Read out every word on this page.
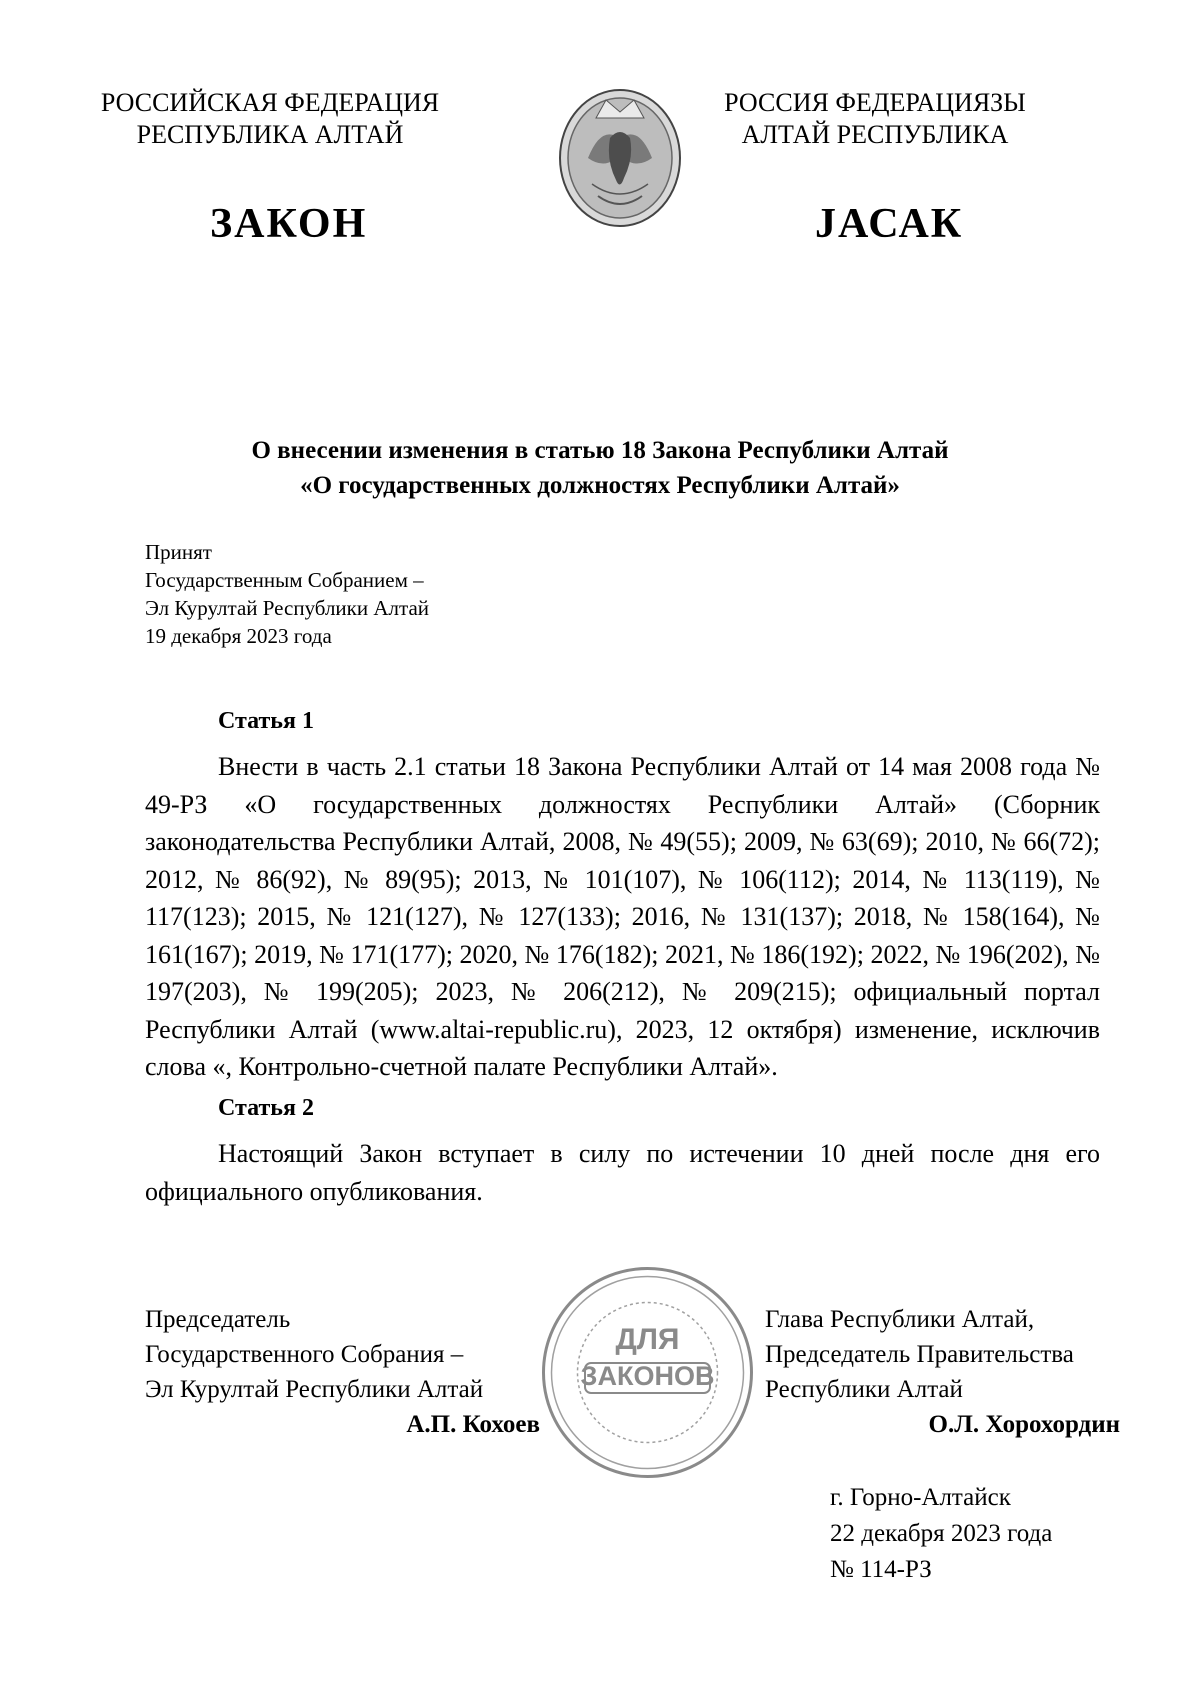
РОССИЙСКАЯ ФЕДЕРАЦИЯ
РЕСПУБЛИКА АЛТАЙ
ЗАКОН
РОССИЯ ФЕДЕРАЦИЯЗЫ
АЛТАЙ РЕСПУБЛИКА
JАСАК
О внесении изменения в статью 18 Закона Республики Алтай
«О государственных должностях Республики Алтай»
Принят
Государственным Собранием –
Эл Курултай Республики Алтай
19 декабря 2023 года
Статья 1

Внести в часть 2.1 статьи 18 Закона Республики Алтай от 14 мая 2008 года № 49-РЗ «О государственных должностях Республики Алтай» (Сборник законодательства Республики Алтай, 2008, № 49(55); 2009, № 63(69); 2010, № 66(72); 2012, № 86(92), № 89(95); 2013, № 101(107), № 106(112); 2014, № 113(119), № 117(123); 2015, № 121(127), № 127(133); 2016, № 131(137); 2018, № 158(164), № 161(167); 2019, № 171(177); 2020, № 176(182); 2021, № 186(192); 2022, № 196(202), № 197(203), № 199(205); 2023, № 206(212), № 209(215); официальный портал Республики Алтай (www.altai-republic.ru), 2023, 12 октября) изменение, исключив слова «, Контрольно-счетной палате Республики Алтай».

Статья 2

Настоящий Закон вступает в силу по истечении 10 дней после дня его официального опубликования.

Председатель
Государственного Собрания –
Эл Курултай Республики Алтай
А.П. Кохоев
ДЛЯ
ЗАКОНОВ
Глава Республики Алтай,
Председатель Правительства
Республики Алтай
О.Л. Хорохордин
г. Горно-Алтайск
22 декабря 2023 года
№ 114-РЗ
